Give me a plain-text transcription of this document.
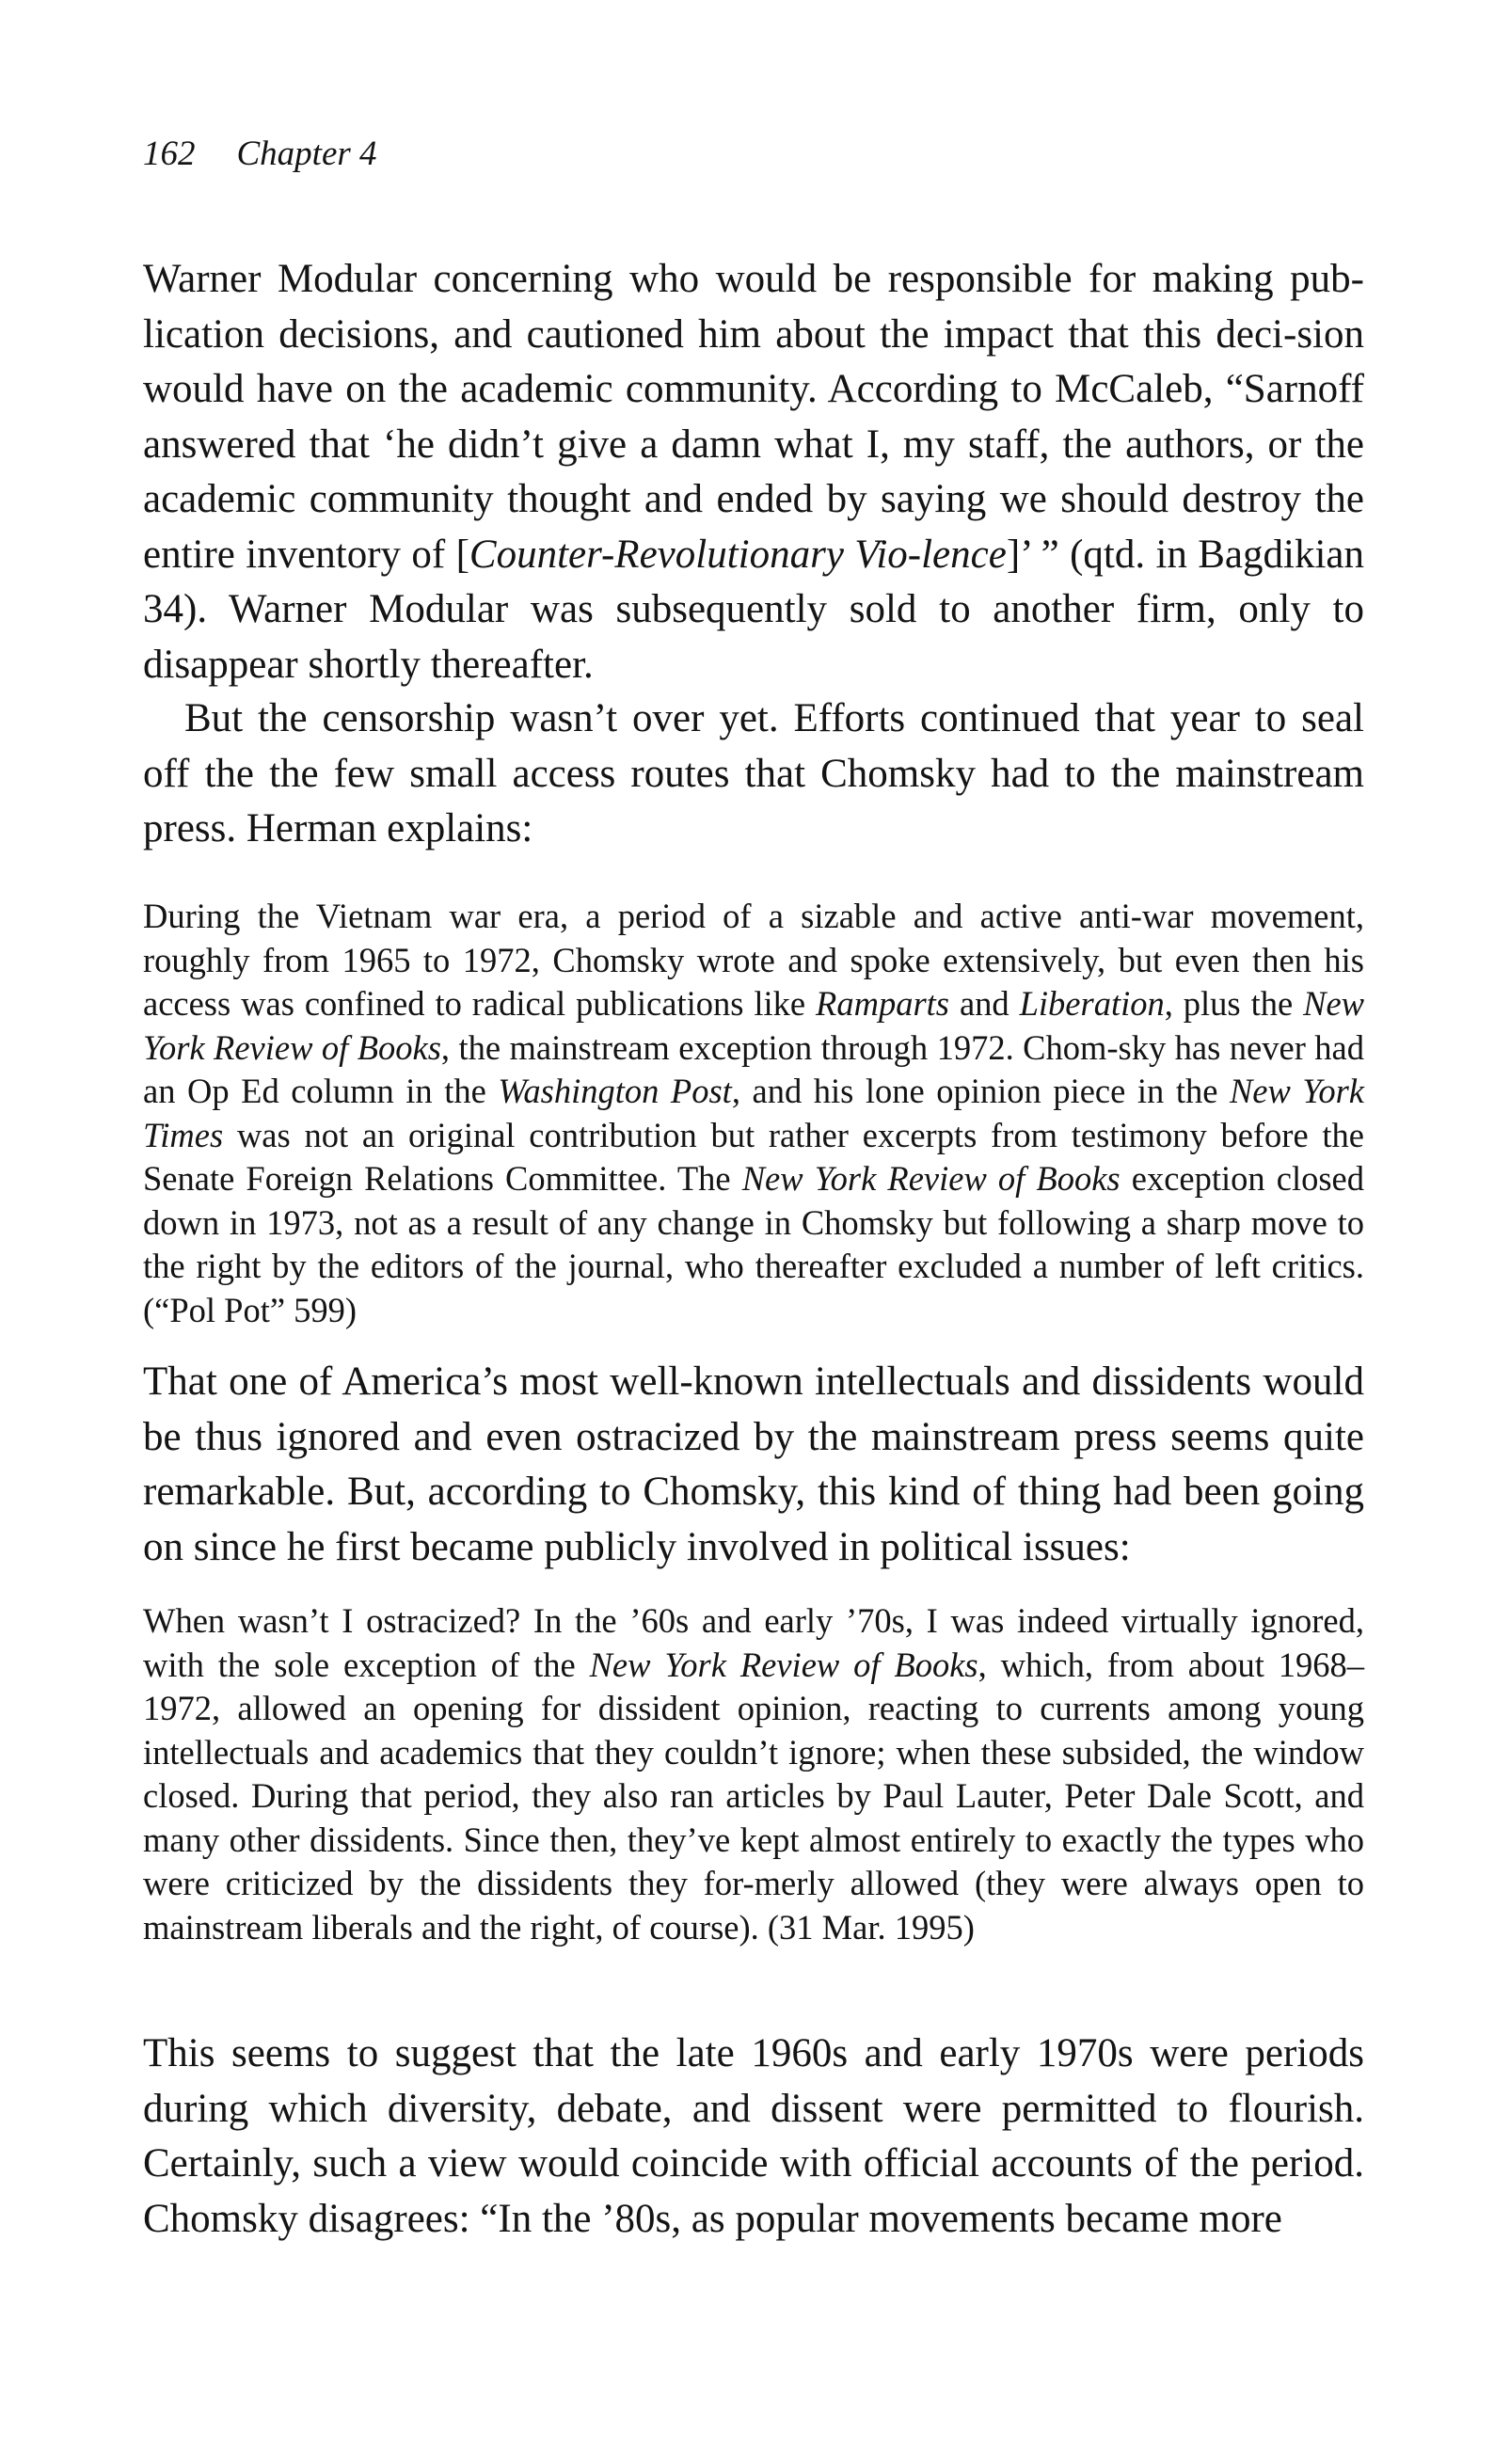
162 Chapter 4

Warner Modular concerning who would be responsible for making pub-lication decisions, and cautioned him about the impact that this deci-sion would have on the academic community. According to McCaleb, “Sarnoff answered that ‘he didn’t give a damn what I, my staff, the authors, or the academic community thought and ended by saying we should destroy the entire inventory of [Counter-Revolutionary Vio-lence]’ ” (qtd. in Bagdikian 34). Warner Modular was subsequently sold to another firm, only to disappear shortly thereafter.

But the censorship wasn’t over yet. Efforts continued that year to seal off the the few small access routes that Chomsky had to the mainstream press. Herman explains:

During the Vietnam war era, a period of a sizable and active anti-war movement, roughly from 1965 to 1972, Chomsky wrote and spoke extensively, but even then his access was confined to radical publications like Ramparts and Liberation, plus the New York Review of Books, the mainstream exception through 1972. Chom-sky has never had an Op Ed column in the Washington Post, and his lone opinion piece in the New York Times was not an original contribution but rather excerpts from testimony before the Senate Foreign Relations Committee. The New York Review of Books exception closed down in 1973, not as a result of any change in Chomsky but following a sharp move to the right by the editors of the journal, who thereafter excluded a number of left critics. (“Pol Pot” 599)

That one of America’s most well-known intellectuals and dissidents would be thus ignored and even ostracized by the mainstream press seems quite remarkable. But, according to Chomsky, this kind of thing had been going on since he first became publicly involved in political issues:

When wasn’t I ostracized? In the ’60s and early ’70s, I was indeed virtually ignored, with the sole exception of the New York Review of Books, which, from about 1968–1972, allowed an opening for dissident opinion, reacting to currents among young intellectuals and academics that they couldn’t ignore; when these subsided, the window closed. During that period, they also ran articles by Paul Lauter, Peter Dale Scott, and many other dissidents. Since then, they’ve kept almost entirely to exactly the types who were criticized by the dissidents they for-merly allowed (they were always open to mainstream liberals and the right, of course). (31 Mar. 1995)

This seems to suggest that the late 1960s and early 1970s were periods during which diversity, debate, and dissent were permitted to flourish. Certainly, such a view would coincide with official accounts of the period. Chomsky disagrees: “In the ’80s, as popular movements became more
